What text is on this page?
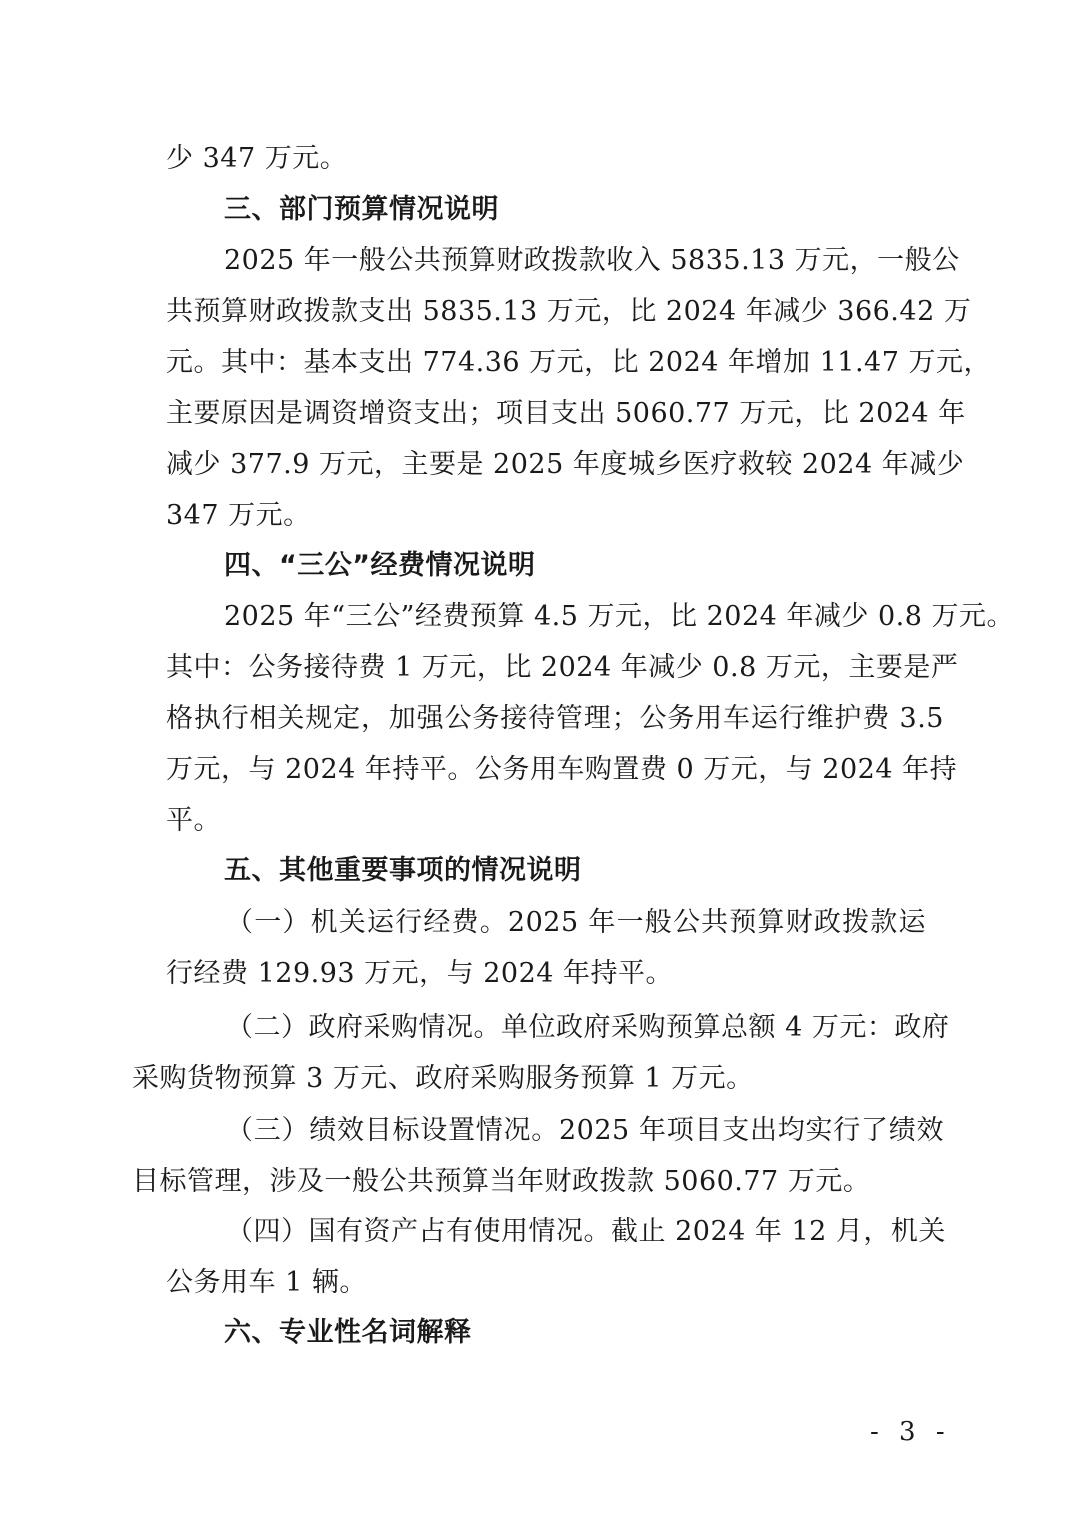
少 347 万元。
三、部门预算情况说明
2025 年一般公共预算财政拨款收入 5835.13 万元，一般公
共预算财政拨款支出 5835.13 万元，比 2024 年减少 366.42 万
元。其中：基本支出 774.36 万元，比 2024 年增加 11.47 万元，
主要原因是调资增资支出；项目支出 5060.77 万元，比 2024 年
减少 377.9 万元，主要是 2025 年度城乡医疗救较 2024 年减少
347 万元。
四、“三公”经费情况说明
2025 年“三公”经费预算 4.5 万元，比 2024 年减少 0.8 万元。
其中：公务接待费 1 万元，比 2024 年减少 0.8 万元，主要是严
格执行相关规定，加强公务接待管理；公务用车运行维护费 3.5
万元，与 2024 年持平。公务用车购置费 0 万元，与 2024 年持
平。
五、其他重要事项的情况说明
（一）机关运行经费。2025 年一般公共预算财政拨款运
行经费 129.93 万元，与 2024 年持平。
（二）政府采购情况。单位政府采购预算总额 4 万元：政府
采购货物预算 3 万元、政府采购服务预算 1 万元。
（三）绩效目标设置情况。2025 年项目支出均实行了绩效
目标管理，涉及一般公共预算当年财政拨款 5060.77 万元。
（四）国有资产占有使用情况。截止 2024 年 12 月，机关
公务用车 1 辆。
六、专业性名词解释
- 3 -
